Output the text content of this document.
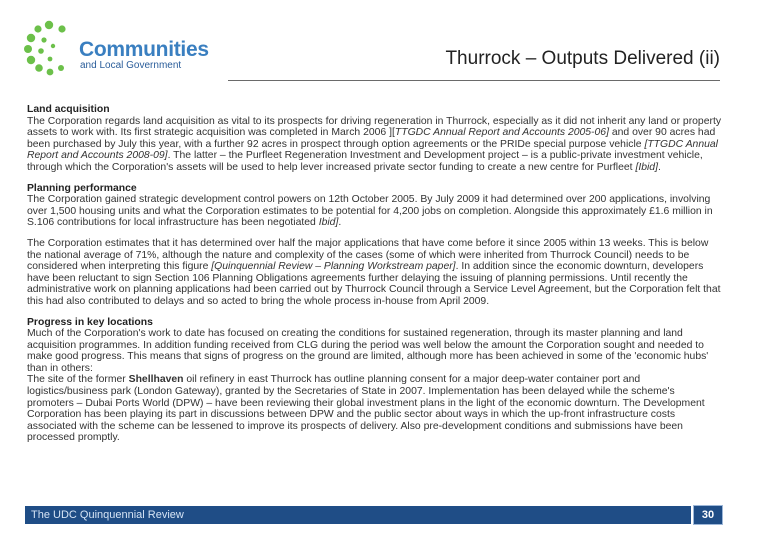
Communities
and Local Government	Thurrock – Outputs Delivered (ii)

Land acquisition
The Corporation regards land acquisition as vital to its prospects for driving regeneration in Thurrock, especially as it did not inherit any land or property assets to work with. Its first strategic acquisition was completed in March 2006 ][TTGDC Annual Report and Accounts 2005-06] and over 90 acres had been purchased by July this year, with a further 92 acres in prospect through option agreements or the PRIDe special purpose vehicle [TTGDC Annual Report and Accounts 2008-09]. The latter – the Purfleet Regeneration Investment and Development project – is a public-private investment vehicle, through which the Corporation's assets will be used to help lever increased private sector funding to create a new centre for Purfleet [Ibid].

Planning performance
The Corporation gained strategic development control powers on 12th October 2005. By July 2009 it had determined over 200 applications, involving over 1,500 housing units and what the Corporation estimates to be potential for 4,200 jobs on completion. Alongside this approximately £1.6 million in S.106 contributions for local infrastructure has been negotiated Ibid].

The Corporation estimates that it has determined over half the major applications that have come before it since 2005 within 13 weeks. This is below the national average of 71%, although the nature and complexity of the cases (some of which were inherited from Thurrock Council) needs to be considered when interpreting this figure [Quinquennial Review – Planning Workstream paper]. In addition since the economic downturn, developers have been reluctant to sign Section 106 Planning Obligations agreements further delaying the issuing of planning permissions. Until recently the administrative work on planning applications had been carried out by Thurrock Council through a Service Level Agreement, but the Corporation felt that this had also contributed to delays and so acted to bring the whole process in-house from April 2009.

Progress in key locations
Much of the Corporation's work to date has focused on creating the conditions for sustained regeneration, through its master planning and land acquisition programmes. In addition funding received from CLG during the period was well below the amount the Corporation sought and needed to make good progress. This means that signs of progress on the ground are limited, although more has been achieved in some of the 'economic hubs' than in others:
The site of the former Shellhaven oil refinery in east Thurrock has outline planning consent for a major deep-water container port and logistics/business park (London Gateway), granted by the Secretaries of State in 2007. Implementation has been delayed while the scheme's promoters – Dubai Ports World (DPW) – have been reviewing their global investment plans in the light of the economic downturn. The Development Corporation has been playing its part in discussions between DPW and the public sector about ways in which the up-front infrastructure costs associated with the scheme can be lessened to improve its prospects of delivery. Also pre-development conditions and submissions have been processed promptly.

The UDC Quinquennial Review	30
